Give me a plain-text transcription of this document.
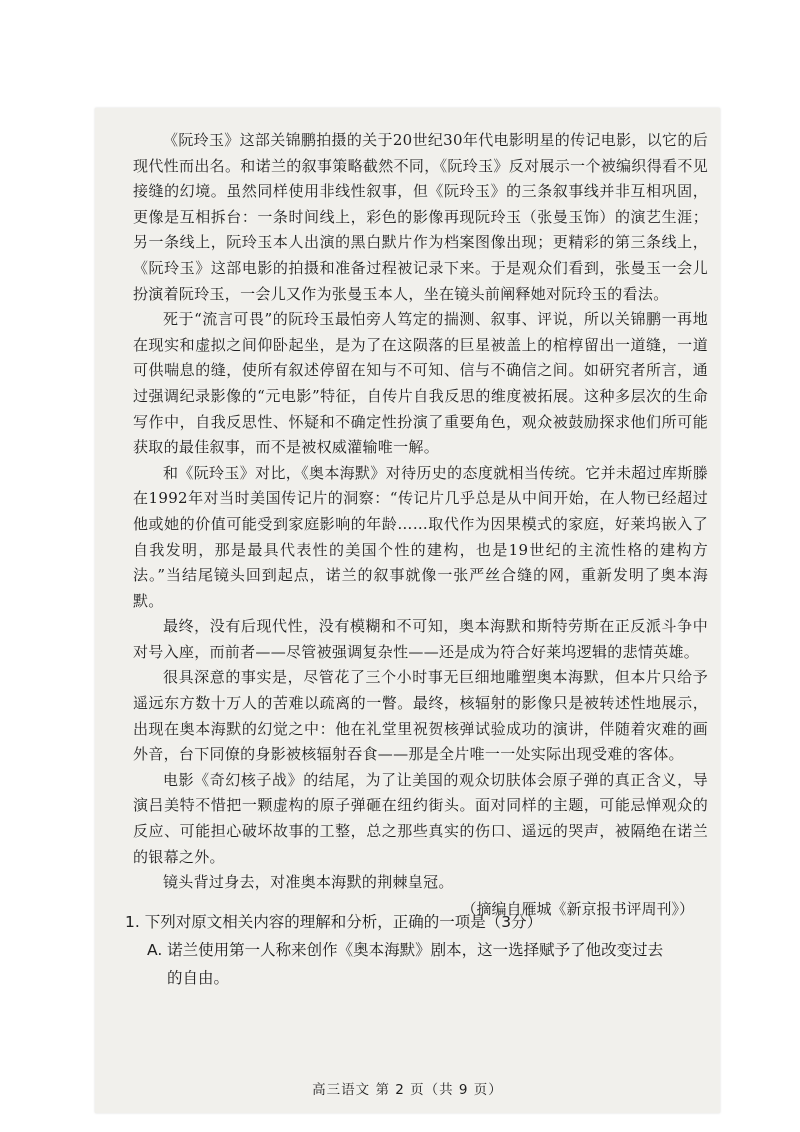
《阮玲玉》这部关锦鹏拍摄的关于20世纪30年代电影明星的传记电影，以它的后现代性而出名。和诺兰的叙事策略截然不同，《阮玲玉》反对展示一个被编织得看不见接缝的幻境。虽然同样使用非线性叙事，但《阮玲玉》的三条叙事线并非互相巩固，更像是互相拆台：一条时间线上，彩色的影像再现阮玲玉（张曼玉饰）的演艺生涯；另一条线上，阮玲玉本人出演的黑白默片作为档案图像出现；更精彩的第三条线上，《阮玲玉》这部电影的拍摄和准备过程被记录下来。于是观众们看到，张曼玉一会儿扮演着阮玲玉，一会儿又作为张曼玉本人，坐在镜头前阐释她对阮玲玉的看法。

死于“流言可畏”的阮玲玉最怕旁人笃定的揣测、叙事、评说，所以关锦鹏一再地在现实和虚拟之间仰卧起坐，是为了在这陨落的巨星被盖上的棺椁留出一道缝，一道可供喘息的缝，使所有叙述停留在知与不可知、信与不确信之间。如研究者所言，通过强调纪录影像的“元电影”特征，自传片自我反思的维度被拓展。这种多层次的生命写作中，自我反思性、怀疑和不确定性扮演了重要角色，观众被鼓励探求他们所可能获取的最佳叙事，而不是被权威灌输唯一解。

和《阮玲玉》对比，《奥本海默》对待历史的态度就相当传统。它并未超过库斯滕在1992年对当时美国传记片的洞察：“传记片几乎总是从中间开始，在人物已经超过他或她的价值可能受到家庭影响的年龄……取代作为因果模式的家庭，好莱坞嵌入了自我发明，那是最具代表性的美国个性的建构，也是19世纪的主流性格的建构方法。”当结尾镜头回到起点，诺兰的叙事就像一张严丝合缝的网，重新发明了奥本海默。

最终，没有后现代性，没有模糊和不可知，奥本海默和斯特劳斯在正反派斗争中对号入座，而前者——尽管被强调复杂性——还是成为符合好莱坞逻辑的悲情英雄。

很具深意的事实是，尽管花了三个小时事无巨细地雕塑奥本海默，但本片只给予遥远东方数十万人的苦难以疏离的一瞥。最终，核辐射的影像只是被转述性地展示，出现在奥本海默的幻觉之中：他在礼堂里祝贺核弹试验成功的演讲，伴随着灾难的画外音，台下同僚的身影被核辐射吞食——那是全片唯一一处实际出现受难的客体。

电影《奇幻核子战》的结尾，为了让美国的观众切肤体会原子弹的真正含义，导演吕美特不惜把一颗虚构的原子弹砸在纽约街头。面对同样的主题，可能忌惮观众的反应、可能担心破坏故事的工整，总之那些真实的伤口、遥远的哭声，被隔绝在诺兰的银幕之外。

镜头背过身去，对准奥本海默的荆棘皇冠。

（摘编自雁城《新京报书评周刊》）

1. 下列对原文相关内容的理解和分析，正确的一项是（3分）

A. 诺兰使用第一人称来创作《奥本海默》剧本，这一选择赋予了他改变过去
的自由。

高三语文 第 2 页（共 9 页）
